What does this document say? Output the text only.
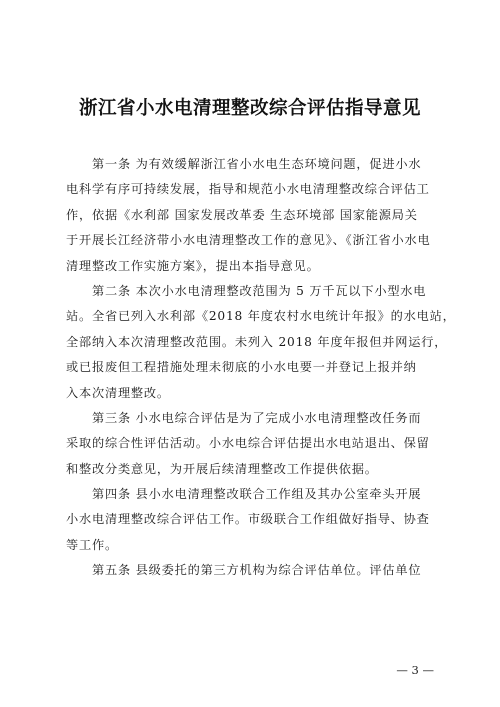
浙江省小水电清理整改综合评估指导意见

第一条 为有效缓解浙江省小水电生态环境问题，促进小水
电科学有序可持续发展，指导和规范小水电清理整改综合评估工
作，依据《水利部 国家发展改革委 生态环境部 国家能源局关
于开展长江经济带小水电清理整改工作的意见》、《浙江省小水电
清理整改工作实施方案》，提出本指导意见。

第二条 本次小水电清理整改范围为 5 万千瓦以下小型水电
站。全省已列入水利部《2018 年度农村水电统计年报》的水电站，
全部纳入本次清理整改范围。未列入 2018 年度年报但并网运行，
或已报废但工程措施处理未彻底的小水电要一并登记上报并纳
入本次清理整改。

第三条 小水电综合评估是为了完成小水电清理整改任务而
采取的综合性评估活动。小水电综合评估提出水电站退出、保留
和整改分类意见，为开展后续清理整改工作提供依据。

第四条 县小水电清理整改联合工作组及其办公室牵头开展
小水电清理整改综合评估工作。市级联合工作组做好指导、协查
等工作。

第五条 县级委托的第三方机构为综合评估单位。评估单位

— 3 —
